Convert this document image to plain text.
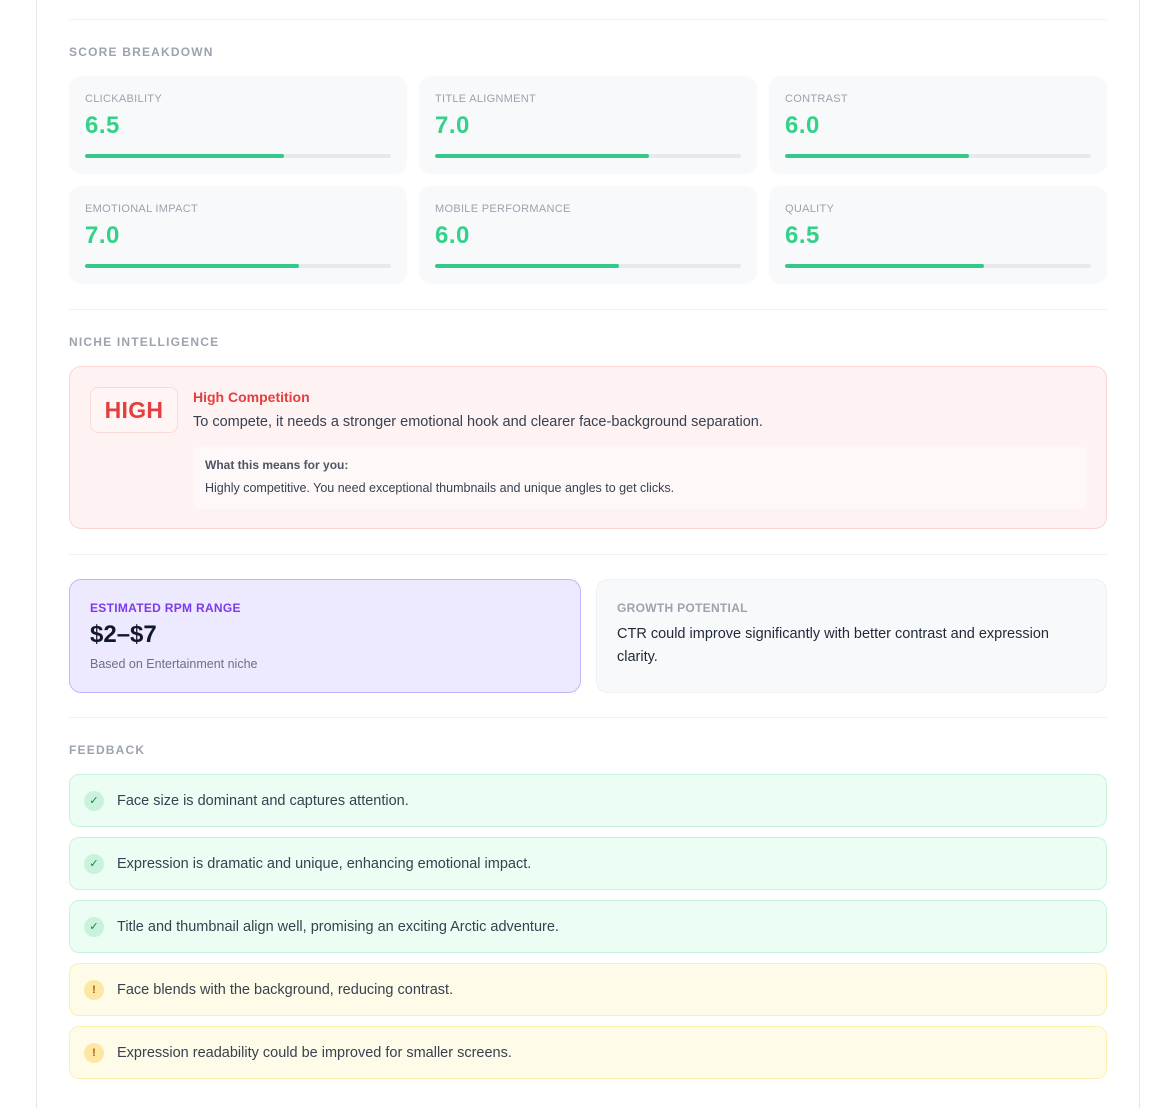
SCORE BREAKDOWN
CLICKABILITY
6.5
TITLE ALIGNMENT
7.0
CONTRAST
6.0
EMOTIONAL IMPACT
7.0
MOBILE PERFORMANCE
6.0
QUALITY
6.5
NICHE INTELLIGENCE
HIGH	High Competition
To compete, it needs a stronger emotional hook and clearer face-background separation.
What this means for you:
Highly competitive. You need exceptional thumbnails and unique angles to get clicks.
ESTIMATED RPM RANGE
$2–$7
Based on Entertainment niche
GROWTH POTENTIAL
CTR could improve significantly with better contrast and expression clarity.
FEEDBACK
✓	Face size is dominant and captures attention.
✓	Expression is dramatic and unique, enhancing emotional impact.
✓	Title and thumbnail align well, promising an exciting Arctic adventure.
!	Face blends with the background, reducing contrast.
!	Expression readability could be improved for smaller screens.
